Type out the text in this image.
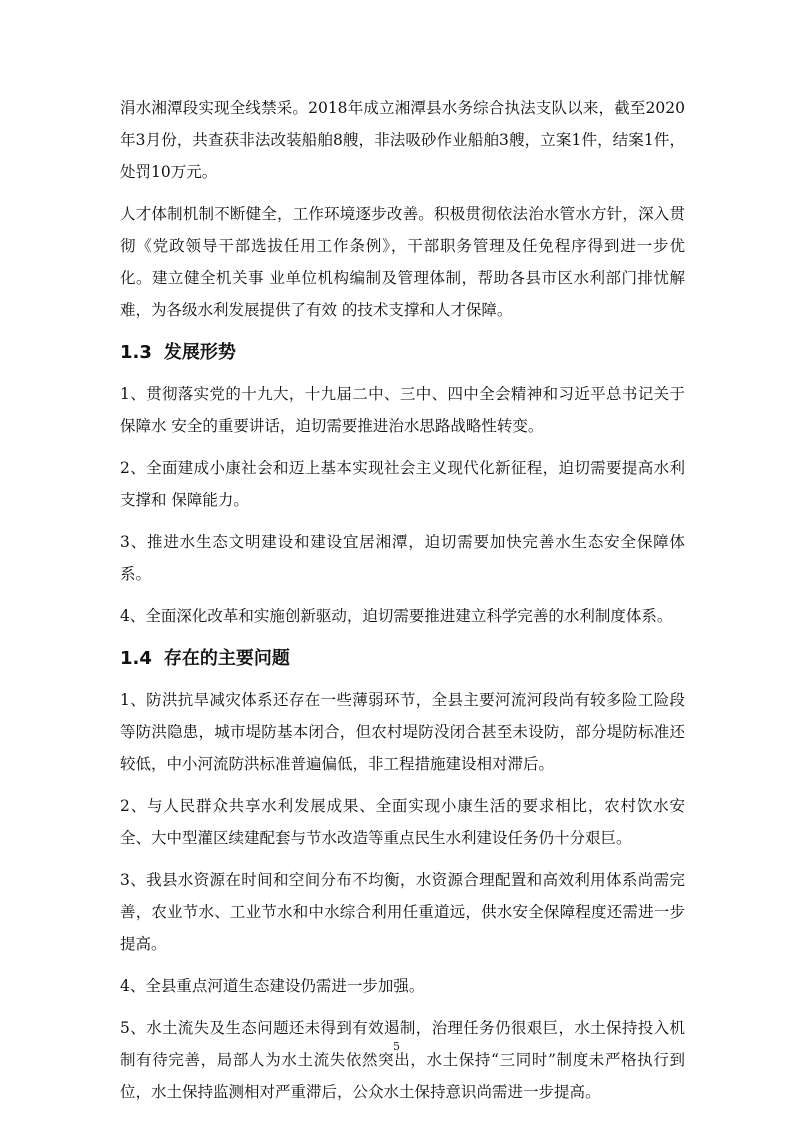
涓水湘潭段实现全线禁采。2018年成立湘潭县水务综合执法支队以来，截至2020年3月份，共查获非法改装船舶8艘，非法吸砂作业船舶3艘，立案1件，结案1件，处罚10万元。

人才体制机制不断健全，工作环境逐步改善。积极贯彻依法治水管水方针，深入贯彻《党政领导干部选拔任用工作条例》，干部职务管理及任免程序得到进一步优化。建立健全机关事 业单位机构编制及管理体制，帮助各县市区水利部门排忧解难，为各级水利发展提供了有效 的技术支撑和人才保障。

1.3 发展形势

1、贯彻落实党的十九大，十九届二中、三中、四中全会精神和习近平总书记关于保障水 安全的重要讲话，迫切需要推进治水思路战略性转变。

2、全面建成小康社会和迈上基本实现社会主义现代化新征程，迫切需要提高水利支撑和 保障能力。

3、推进水生态文明建设和建设宜居湘潭，迫切需要加快完善水生态安全保障体系。

4、全面深化改革和实施创新驱动，迫切需要推进建立科学完善的水利制度体系。

1.4 存在的主要问题

1、防洪抗旱减灾体系还存在一些薄弱环节，全县主要河流河段尚有较多险工险段等防洪隐患，城市堤防基本闭合，但农村堤防没闭合甚至未设防，部分堤防标准还较低，中小河流防洪标准普遍偏低，非工程措施建设相对滞后。

2、与人民群众共享水利发展成果、全面实现小康生活的要求相比，农村饮水安全、大中型灌区续建配套与节水改造等重点民生水利建设任务仍十分艰巨。

3、我县水资源在时间和空间分布不均衡，水资源合理配置和高效利用体系尚需完善，农业节水、工业节水和中水综合利用任重道远，供水安全保障程度还需进一步提高。

4、全县重点河道生态建设仍需进一步加强。

5、水土流失及生态问题还未得到有效遏制，治理任务仍很艰巨，水土保持投入机制有待完善，局部人为水土流失依然突出，水土保持“三同时”制度未严格执行到位，水土保持监测相对严重滞后，公众水土保持意识尚需进一步提高。

5
